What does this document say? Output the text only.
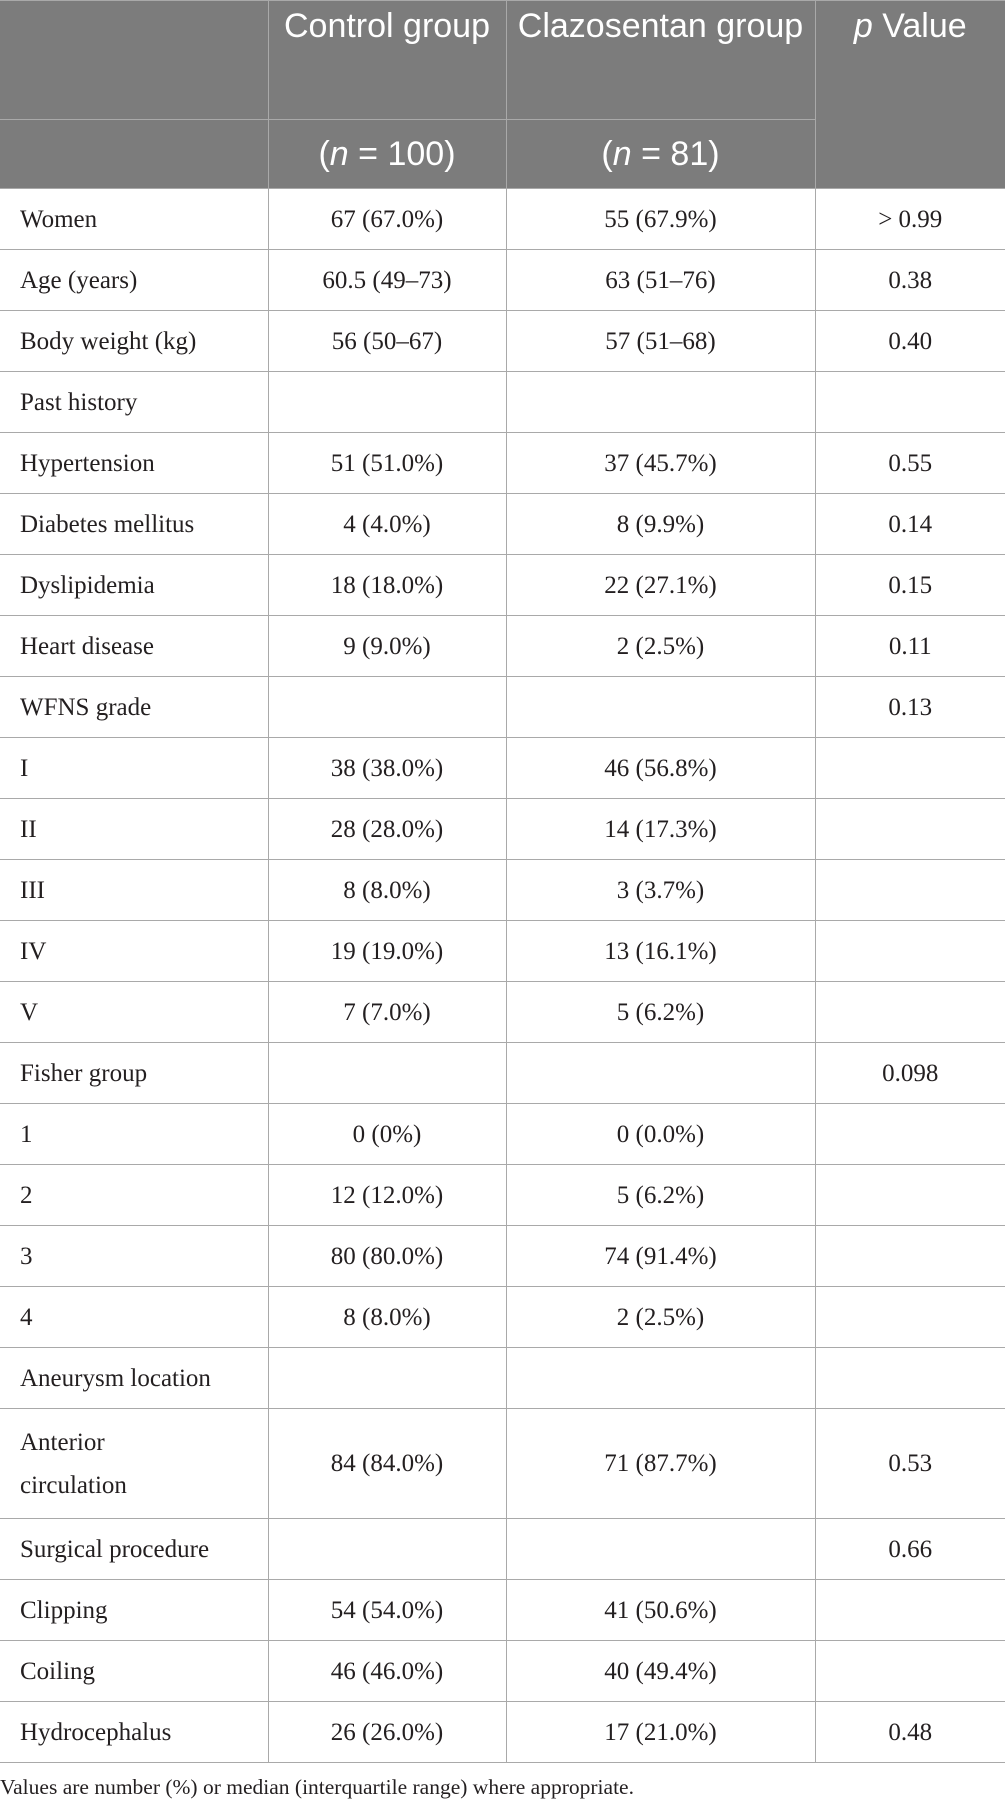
	Control group	Clazosentan group	p Value
	(n = 100)	(n = 81)	
Women	67 (67.0%)	55 (67.9%)	> 0.99
Age (years)	60.5 (49–73)	63 (51–76)	0.38
Body weight (kg)	56 (50–67)	57 (51–68)	0.40
Past history			
Hypertension	51 (51.0%)	37 (45.7%)	0.55
Diabetes mellitus	4 (4.0%)	8 (9.9%)	0.14
Dyslipidemia	18 (18.0%)	22 (27.1%)	0.15
Heart disease	9 (9.0%)	2 (2.5%)	0.11
WFNS grade			0.13
I	38 (38.0%)	46 (56.8%)	
II	28 (28.0%)	14 (17.3%)	
III	8 (8.0%)	3 (3.7%)	
IV	19 (19.0%)	13 (16.1%)	
V	7 (7.0%)	5 (6.2%)	
Fisher group			0.098
1	0 (0%)	0 (0.0%)	
2	12 (12.0%)	5 (6.2%)	
3	80 (80.0%)	74 (91.4%)	
4	8 (8.0%)	2 (2.5%)	
Aneurysm location			
Anterior circulation	84 (84.0%)	71 (87.7%)	0.53
Surgical procedure			0.66
Clipping	54 (54.0%)	41 (50.6%)	
Coiling	46 (46.0%)	40 (49.4%)	
Hydrocephalus	26 (26.0%)	17 (21.0%)	0.48

Values are number (%) or median (interquartile range) where appropriate.
